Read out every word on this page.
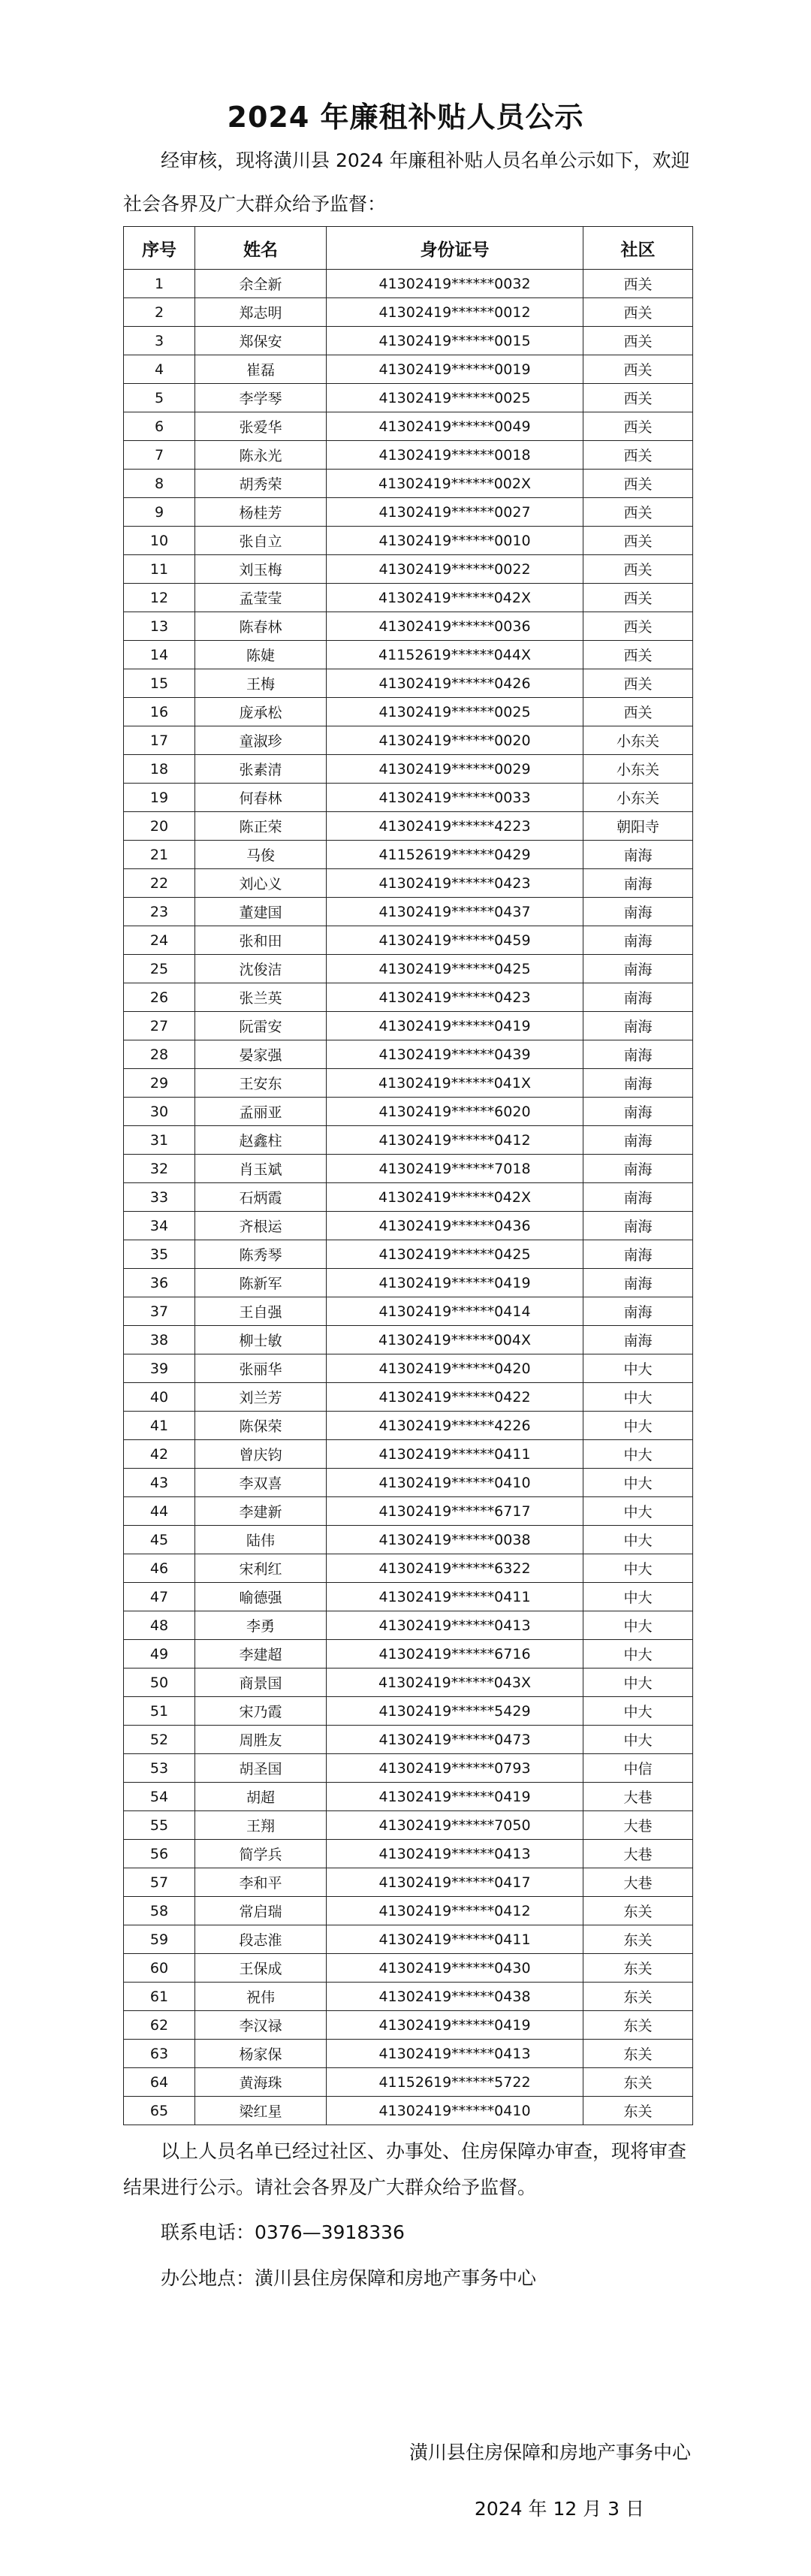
2024 年廉租补贴人员公示
经审核，现将潢川县 2024 年廉租补贴人员名单公示如下，欢迎社会各界及广大群众给予监督：
序号	姓名	身份证号	社区
1	余全新	41302419******0032	西关
2	郑志明	41302419******0012	西关
3	郑保安	41302419******0015	西关
4	崔磊	41302419******0019	西关
5	李学琴	41302419******0025	西关
6	张爱华	41302419******0049	西关
7	陈永光	41302419******0018	西关
8	胡秀荣	41302419******002X	西关
9	杨桂芳	41302419******0027	西关
10	张自立	41302419******0010	西关
11	刘玉梅	41302419******0022	西关
12	孟莹莹	41302419******042X	西关
13	陈春林	41302419******0036	西关
14	陈婕	41152619******044X	西关
15	王梅	41302419******0426	西关
16	庞承松	41302419******0025	西关
17	童淑珍	41302419******0020	小东关
18	张素清	41302419******0029	小东关
19	何春林	41302419******0033	小东关
20	陈正荣	41302419******4223	朝阳寺
21	马俊	41152619******0429	南海
22	刘心义	41302419******0423	南海
23	董建国	41302419******0437	南海
24	张和田	41302419******0459	南海
25	沈俊洁	41302419******0425	南海
26	张兰英	41302419******0423	南海
27	阮雷安	41302419******0419	南海
28	晏家强	41302419******0439	南海
29	王安东	41302419******041X	南海
30	孟丽亚	41302419******6020	南海
31	赵鑫柱	41302419******0412	南海
32	肖玉斌	41302419******7018	南海
33	石炳霞	41302419******042X	南海
34	齐根运	41302419******0436	南海
35	陈秀琴	41302419******0425	南海
36	陈新军	41302419******0419	南海
37	王自强	41302419******0414	南海
38	柳士敏	41302419******004X	南海
39	张丽华	41302419******0420	中大
40	刘兰芳	41302419******0422	中大
41	陈保荣	41302419******4226	中大
42	曾庆钧	41302419******0411	中大
43	李双喜	41302419******0410	中大
44	李建新	41302419******6717	中大
45	陆伟	41302419******0038	中大
46	宋利红	41302419******6322	中大
47	喻德强	41302419******0411	中大
48	李勇	41302419******0413	中大
49	李建超	41302419******6716	中大
50	商景国	41302419******043X	中大
51	宋乃霞	41302419******5429	中大
52	周胜友	41302419******0473	中大
53	胡圣国	41302419******0793	中信
54	胡超	41302419******0419	大巷
55	王翔	41302419******7050	大巷
56	简学兵	41302419******0413	大巷
57	李和平	41302419******0417	大巷
58	常启瑞	41302419******0412	东关
59	段志淮	41302419******0411	东关
60	王保成	41302419******0430	东关
61	祝伟	41302419******0438	东关
62	李汉禄	41302419******0419	东关
63	杨家保	41302419******0413	东关
64	黄海珠	41152619******5722	东关
65	梁红星	41302419******0410	东关
以上人员名单已经过社区、办事处、住房保障办审查，现将审查结果进行公示。请社会各界及广大群众给予监督。
联系电话：0376—3918336
办公地点：潢川县住房保障和房地产事务中心
潢川县住房保障和房地产事务中心
2024 年 12 月 3 日
